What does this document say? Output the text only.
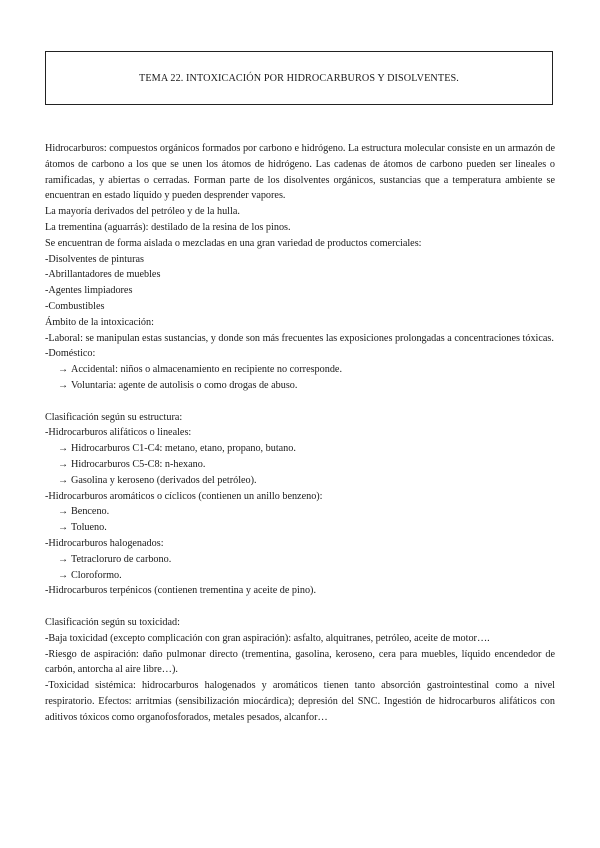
TEMA 22. INTOXICACIÓN POR HIDROCARBUROS Y DISOLVENTES.

Hidrocarburos: compuestos orgánicos formados por carbono e hidrógeno. La estructura molecular consiste en un armazón de átomos de carbono a los que se unen los átomos de hidrógeno. Las cadenas de átomos de carbono pueden ser lineales o ramificadas, y abiertas o cerradas. Forman parte de los disolventes orgánicos, sustancias que a temperatura ambiente se encuentran en estado líquido y pueden desprender vapores.

La mayoría derivados del petróleo y de la hulla.

La trementina (aguarrás): destilado de la resina de los pinos.

Se encuentran de forma aislada o mezcladas en una gran variedad de productos comerciales:

-Disolventes de pinturas

-Abrillantadores de muebles

-Agentes limpiadores

-Combustibles

Ámbito de la intoxicación:

-Laboral: se manipulan estas sustancias, y donde son más frecuentes las exposiciones prolongadas a concentraciones tóxicas.

-Doméstico:

→ Accidental: niños o almacenamiento en recipiente no corresponde.

→ Voluntaria: agente de autolisis o como drogas de abuso.

Clasificación según su estructura:

-Hidrocarburos alifáticos o lineales:

→ Hidrocarburos C1-C4: metano, etano, propano, butano.

→ Hidrocarburos C5-C8: n-hexano.

→ Gasolina y keroseno (derivados del petróleo).

-Hidrocarburos aromáticos o cíclicos (contienen un anillo benzeno):

→ Benceno.

→ Tolueno.

-Hidrocarburos halogenados:

→ Tetracloruro de carbono.

→ Cloroformo.

-Hidrocarburos terpénicos (contienen trementina y aceite de pino).

Clasificación según su toxicidad:

-Baja toxicidad (excepto complicación con gran aspiración): asfalto, alquitranes, petróleo, aceite de motor….

-Riesgo de aspiración: daño pulmonar directo (trementina, gasolina, keroseno, cera para muebles, líquido encendedor de carbón, antorcha al aire libre…).

-Toxicidad sistémica: hidrocarburos halogenados y aromáticos tienen tanto absorción gastrointestinal como a nivel respiratorio. Efectos: arritmias (sensibilización miocárdica); depresión del SNC. Ingestión de hidrocarburos alifáticos con aditivos tóxicos como organofosforados, metales pesados, alcanfor…
